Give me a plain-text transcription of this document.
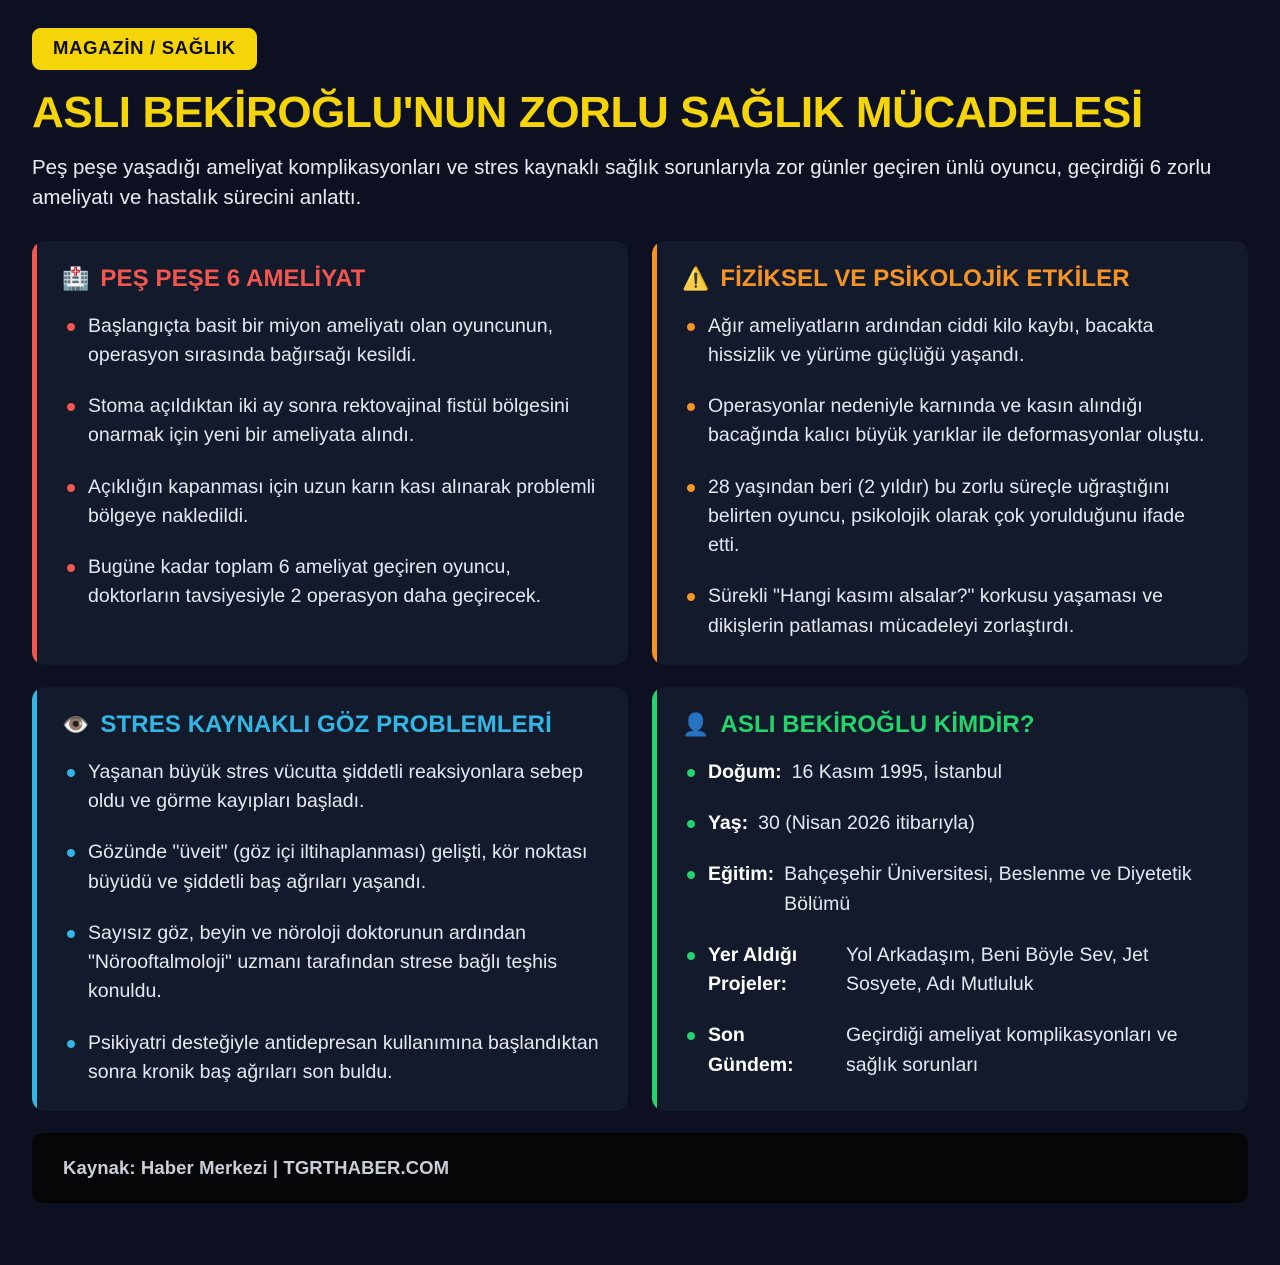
MAGAZİN / SAĞLIK
ASLI BEKİROĞLU'NUN ZORLU SAĞLIK MÜCADELESİ

Peş peşe yaşadığı ameliyat komplikasyonları ve stres kaynaklı sağlık sorunlarıyla zor günler geçiren ünlü oyuncu, geçirdiği 6 zorlu ameliyatı ve hastalık sürecini anlattı.

🏥 PEŞ PEŞE 6 AMELİYAT
Başlangıçta basit bir miyon ameliyatı olan oyuncunun, operasyon sırasında bağırsağı kesildi.
Stoma açıldıktan iki ay sonra rektovajinal fistül bölgesini onarmak için yeni bir ameliyata alındı.
Açıklığın kapanması için uzun karın kası alınarak problemli bölgeye nakledildi.
Bugüne kadar toplam 6 ameliyat geçiren oyuncu, doktorların tavsiyesiyle 2 operasyon daha geçirecek.
⚠️ FİZİKSEL VE PSİKOLOJİK ETKİLER
Ağır ameliyatların ardından ciddi kilo kaybı, bacakta hissizlik ve yürüme güçlüğü yaşandı.
Operasyonlar nedeniyle karnında ve kasın alındığı bacağında kalıcı büyük yarıklar ile deformasyonlar oluştu.
28 yaşından beri (2 yıldır) bu zorlu süreçle uğraştığını belirten oyuncu, psikolojik olarak çok yorulduğunu ifade etti.
Sürekli "Hangi kasımı alsalar?" korkusu yaşaması ve dikişlerin patlaması mücadeleyi zorlaştırdı.
👁️ STRES KAYNAKLI GÖZ PROBLEMLERİ
Yaşanan büyük stres vücutta şiddetli reaksiyonlara sebep oldu ve görme kayıpları başladı.
Gözünde "üveit" (göz içi iltihaplanması) gelişti, kör noktası büyüdü ve şiddetli baş ağrıları yaşandı.
Sayısız göz, beyin ve nöroloji doktorunun ardından "Nörooftalmoloji" uzmanı tarafından strese bağlı teşhis konuldu.
Psikiyatri desteğiyle antidepresan kullanımına başlandıktan sonra kronik baş ağrıları son buldu.
👤 ASLI BEKİROĞLU KİMDİR?
Doğum: 16 Kasım 1995, İstanbul
Yaş: 30 (Nisan 2026 itibarıyla)
Eğitim: Bahçeşehir Üniversitesi, Beslenme ve Diyetetik Bölümü
Yer Aldığı Projeler:
Yol Arkadaşım, Beni Böyle Sev, Jet Sosyete, Adı Mutluluk
Son Gündem:
Geçirdiği ameliyat komplikasyonları ve sağlık sorunları
Kaynak: Haber Merkezi | TGRTHABER.COM
